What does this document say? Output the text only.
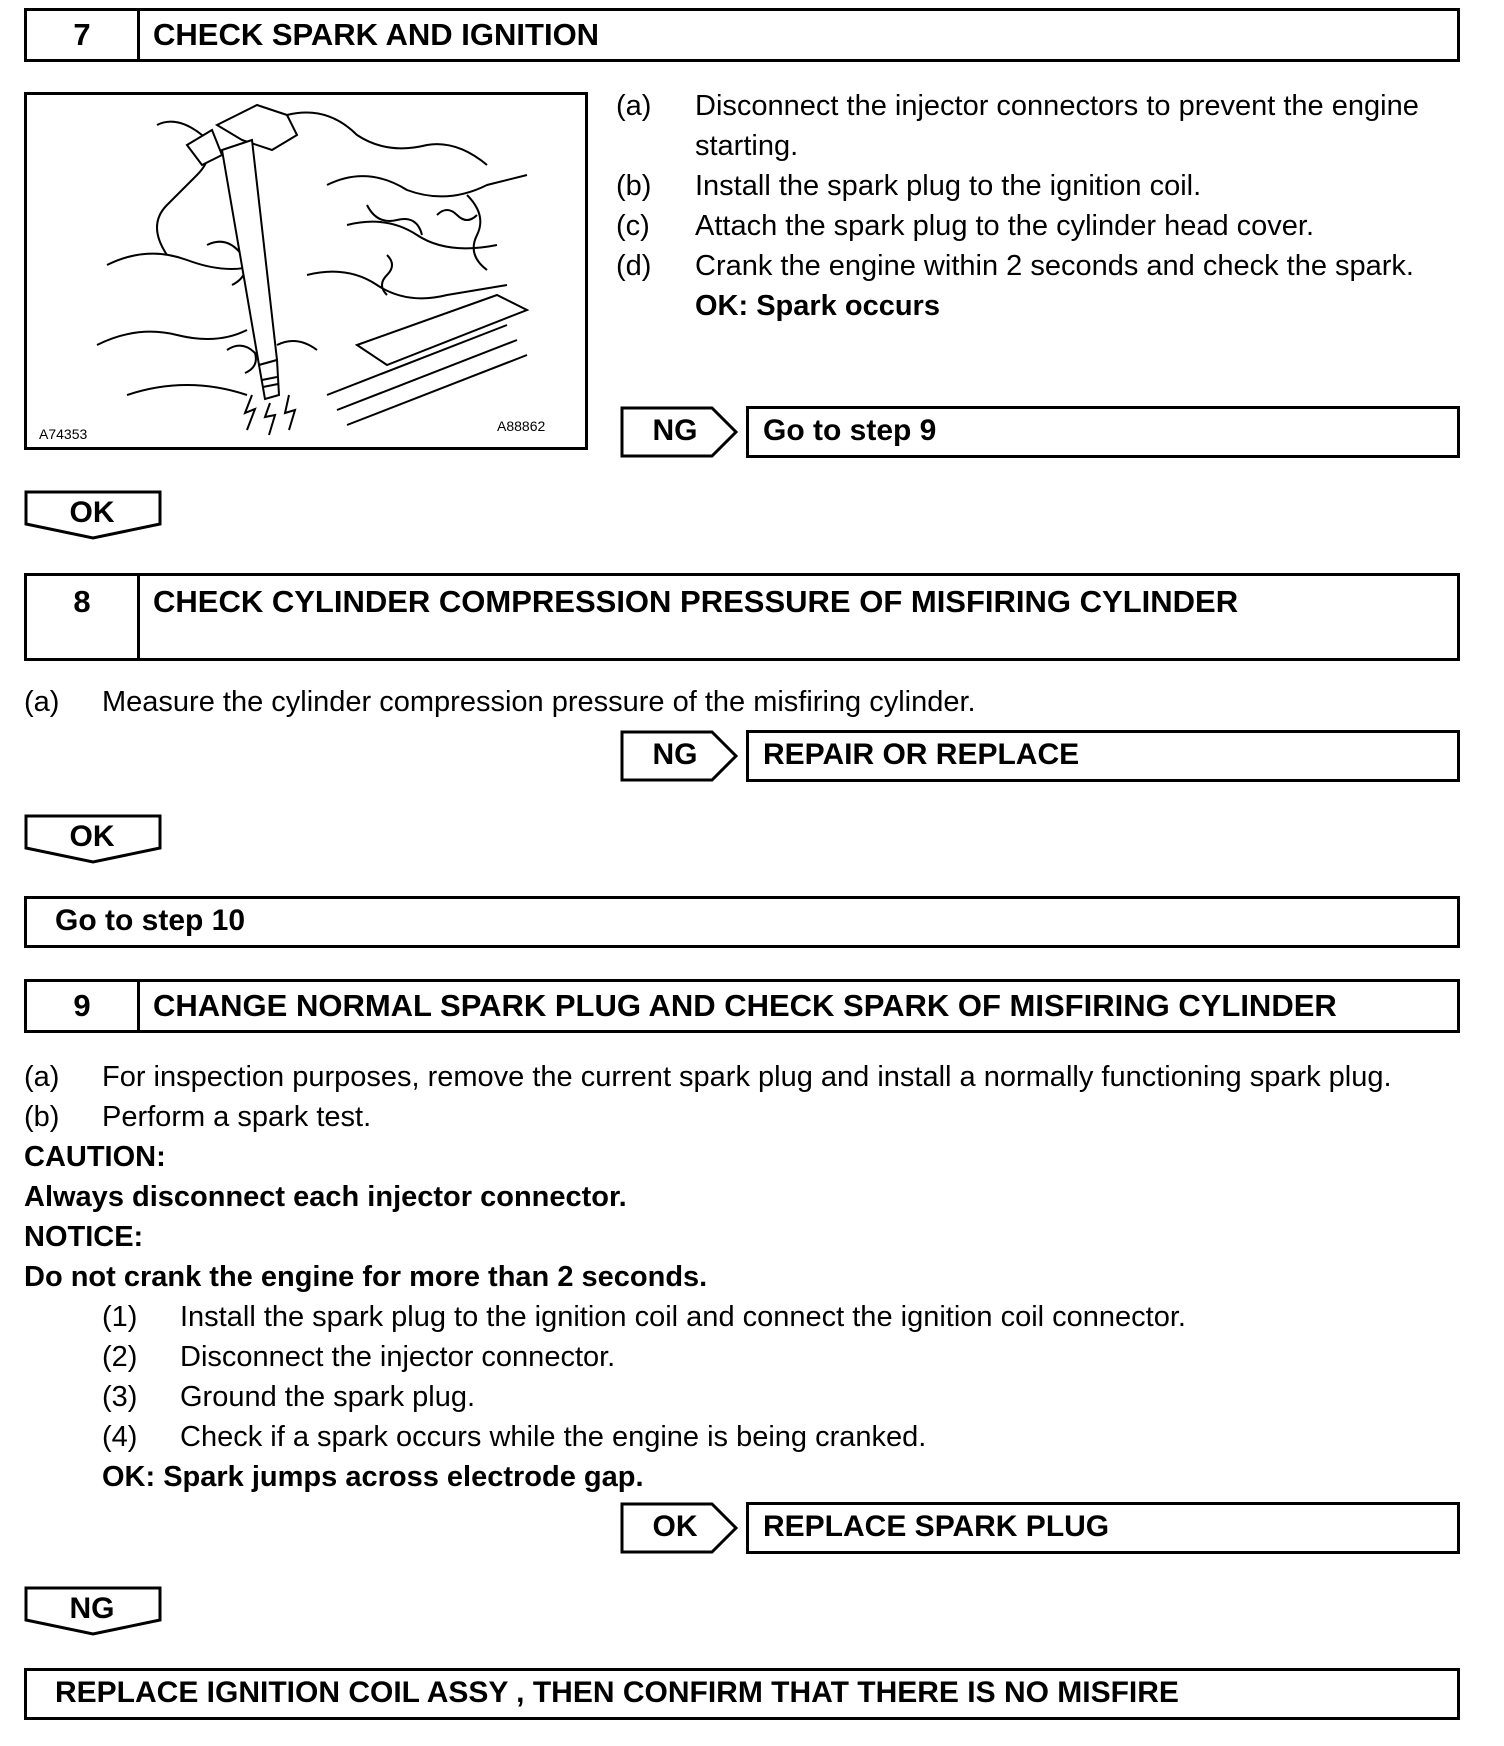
7	CHECK SPARK AND IGNITION
A74353	A88862
(a) Disconnect the injector connectors to prevent the engine
starting.
(b) Install the spark plug to the ignition coil.
(c) Attach the spark plug to the cylinder head cover.
(d) Crank the engine within 2 seconds and check the spark.
OK: Spark occurs
NG	Go to step 9
OK
8	CHECK CYLINDER COMPRESSION PRESSURE OF MISFIRING CYLINDER
(a) Measure the cylinder compression pressure of the misfiring cylinder.
NG	REPAIR OR REPLACE
OK
Go to step 10
9	CHANGE NORMAL SPARK PLUG AND CHECK SPARK OF MISFIRING CYLINDER
(a) For inspection purposes, remove the current spark plug and install a normally functioning spark plug.
(b) Perform a spark test.
CAUTION:
Always disconnect each injector connector.
NOTICE:
Do not crank the engine for more than 2 seconds.
(1) Install the spark plug to the ignition coil and connect the ignition coil connector.
(2) Disconnect the injector connector.
(3) Ground the spark plug.
(4) Check if a spark occurs while the engine is being cranked.
OK: Spark jumps across electrode gap.
OK	REPLACE SPARK PLUG
NG
REPLACE IGNITION COIL ASSY , THEN CONFIRM THAT THERE IS NO MISFIRE
